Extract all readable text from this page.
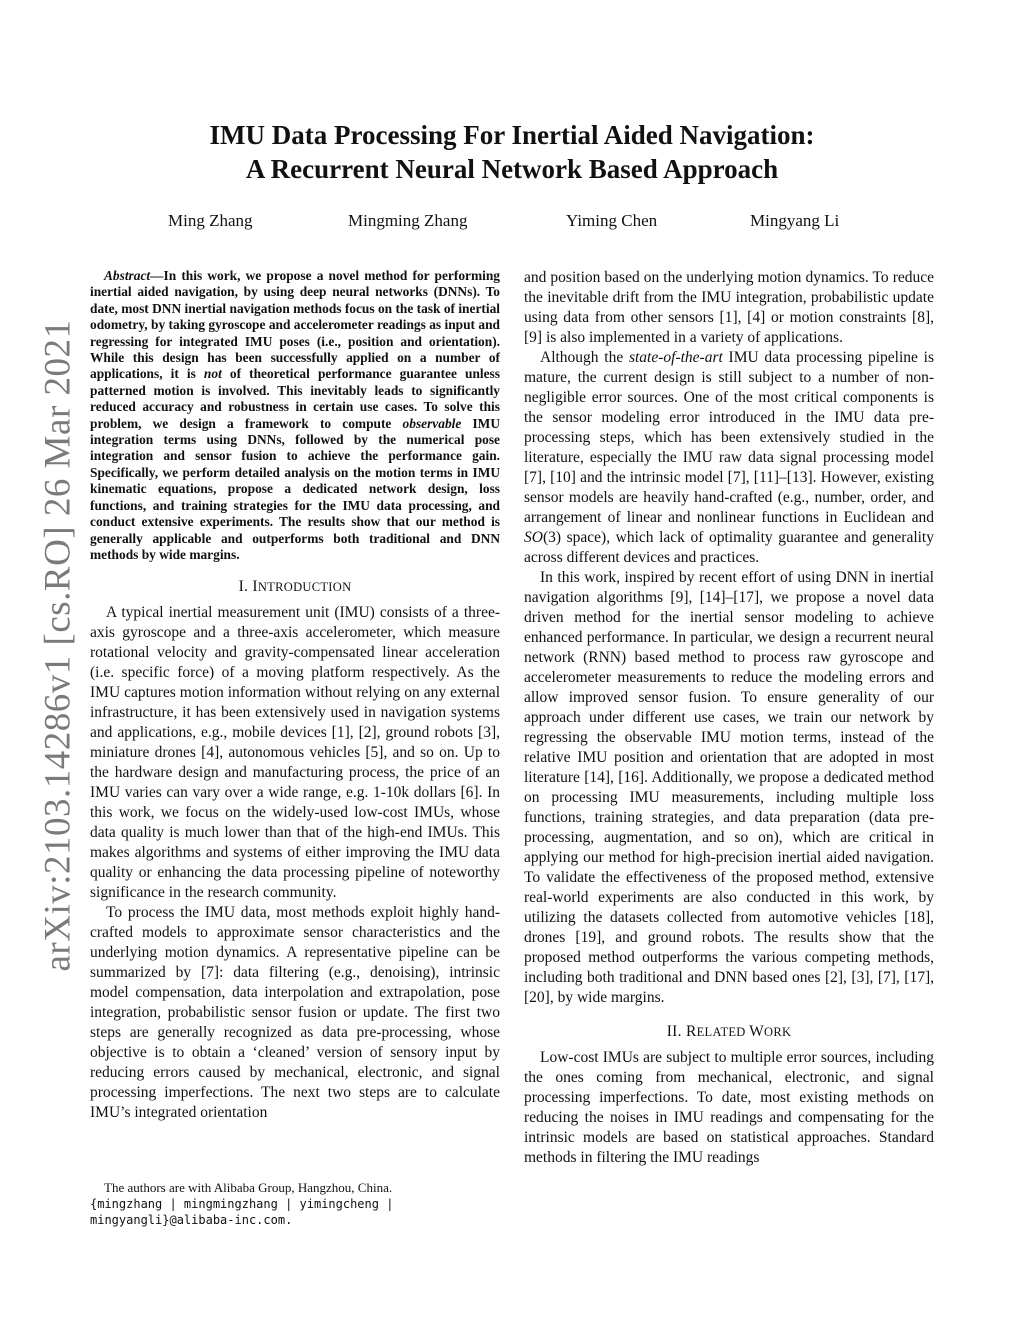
arXiv:2103.14286v1 [cs.RO] 26 Mar 2021
IMU Data Processing For Inertial Aided Navigation:
A Recurrent Neural Network Based Approach
Ming Zhang	Mingming Zhang	Yiming Chen	Mingyang Li

Abstract—In this work, we propose a novel method for performing inertial aided navigation, by using deep neural networks (DNNs). To date, most DNN inertial navigation methods focus on the task of inertial odometry, by taking gyroscope and accelerometer readings as input and regressing for integrated IMU poses (i.e., position and orientation). While this design has been successfully applied on a number of applications, it is not of theoretical performance guarantee unless patterned motion is involved. This inevitably leads to significantly reduced accuracy and robustness in certain use cases. To solve this problem, we design a framework to compute observable IMU integration terms using DNNs, followed by the numerical pose integration and sensor fusion to achieve the performance gain. Specifically, we perform detailed analysis on the motion terms in IMU kinematic equations, propose a dedicated network design, loss functions, and training strategies for the IMU data processing, and conduct extensive experiments. The results show that our method is generally applicable and outperforms both traditional and DNN methods by wide margins.

I. INTRODUCTION

A typical inertial measurement unit (IMU) consists of a three-axis gyroscope and a three-axis accelerometer, which measure rotational velocity and gravity-compensated linear acceleration (i.e. specific force) of a moving platform respectively. As the IMU captures motion information without relying on any external infrastructure, it has been extensively used in navigation systems and applications, e.g., mobile devices [1], [2], ground robots [3], miniature drones [4], autonomous vehicles [5], and so on. Up to the hardware design and manufacturing process, the price of an IMU varies can vary over a wide range, e.g. 1-10k dollars [6]. In this work, we focus on the widely-used low-cost IMUs, whose data quality is much lower than that of the high-end IMUs. This makes algorithms and systems of either improving the IMU data quality or enhancing the data processing pipeline of noteworthy significance in the research community.

To process the IMU data, most methods exploit highly hand-crafted models to approximate sensor characteristics and the underlying motion dynamics. A representative pipeline can be summarized by [7]: data filtering (e.g., denoising), intrinsic model compensation, data interpolation and extrapolation, pose integration, probabilistic sensor fusion or update. The first two steps are generally recognized as data pre-processing, whose objective is to obtain a ‘cleaned’ version of sensory input by reducing errors caused by mechanical, electronic, and signal processing imperfections. The next two steps are to calculate IMU’s integrated orientation

and position based on the underlying motion dynamics. To reduce the inevitable drift from the IMU integration, probabilistic update using data from other sensors [1], [4] or motion constraints [8], [9] is also implemented in a variety of applications.

Although the state-of-the-art IMU data processing pipeline is mature, the current design is still subject to a number of non-negligible error sources. One of the most critical components is the sensor modeling error introduced in the IMU data pre-processing steps, which has been extensively studied in the literature, especially the IMU raw data signal processing model [7], [10] and the intrinsic model [7], [11]–[13]. However, existing sensor models are heavily hand-crafted (e.g., number, order, and arrangement of linear and nonlinear functions in Euclidean and SO(3) space), which lack of optimality guarantee and generality across different devices and practices.

In this work, inspired by recent effort of using DNN in inertial navigation algorithms [9], [14]–[17], we propose a novel data driven method for the inertial sensor modeling to achieve enhanced performance. In particular, we design a recurrent neural network (RNN) based method to process raw gyroscope and accelerometer measurements to reduce the modeling errors and allow improved sensor fusion. To ensure generality of our approach under different use cases, we train our network by regressing the observable IMU motion terms, instead of the relative IMU position and orientation that are adopted in most literature [14], [16]. Additionally, we propose a dedicated method on processing IMU measurements, including multiple loss functions, training strategies, and data preparation (data pre-processing, augmentation, and so on), which are critical in applying our method for high-precision inertial aided navigation. To validate the effectiveness of the proposed method, extensive real-world experiments are also conducted in this work, by utilizing the datasets collected from automotive vehicles [18], drones [19], and ground robots. The results show that the proposed method outperforms the various competing methods, including both traditional and DNN based ones [2], [3], [7], [17], [20], by wide margins.

II. RELATED WORK

Low-cost IMUs are subject to multiple error sources, including the ones coming from mechanical, electronic, and signal processing imperfections. To date, most existing methods on reducing the noises in IMU readings and compensating for the intrinsic models are based on statistical approaches. Standard methods in filtering the IMU readings

The authors are with Alibaba Group, Hangzhou, China.
{mingzhang | mingmingzhang | yimingcheng | mingyangli}@alibaba-inc.com.
